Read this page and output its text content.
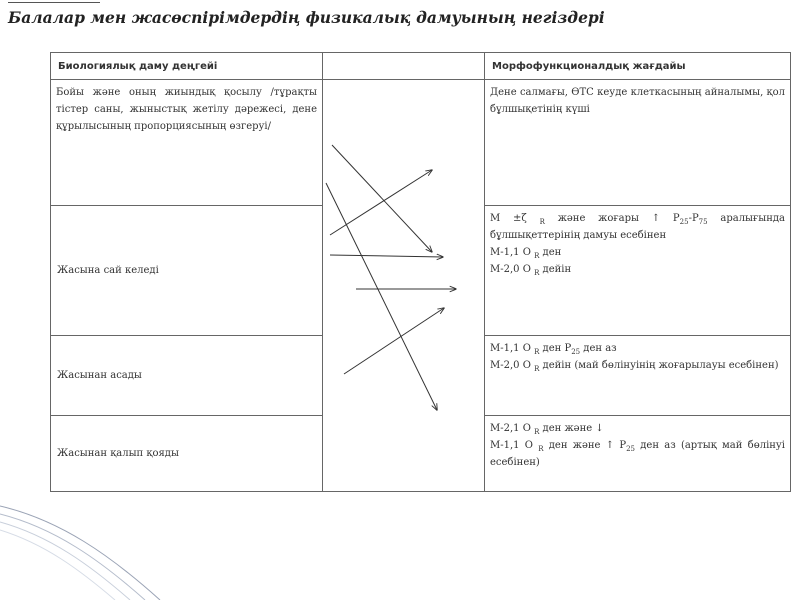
Балалар мен жасөспірімдердің физикалық дамуының негіздері
Биологиялық даму деңгейі		Морфофункционалдық жағдайы
Бойы және оның жиындық қосылу /тұрақты тістер саны, жыныстық жетілу дәрежесі, дене құрылысының пропорциясының өзгеруі/		Дене салмағы, ӨТС кеуде клеткасының айналымы, қол бұлшықетінің күші

Жасына сай келеді		М ±ζ $_R$ және жоғары ↑ $P_{25}-P_{75}$ аралығында бұлшықеттерінің дамуы есебінен
М-1,1 О $_R$ ден
М-2,0 О $_R$ дейін

Жасынан асады		М-1,1 О $_R$ ден $P_{25}$ ден аз
М-2,0 О $_R$ дейін (май бөлінуінің жоғарылауы есебінен)

Жасынан қалып қояды		М-2,1 О $_R$ ден және ↓
М-1,1 О $_R$ ден және ↑ $P_{25}$ ден аз (артық май бөлінуі есебінен)
